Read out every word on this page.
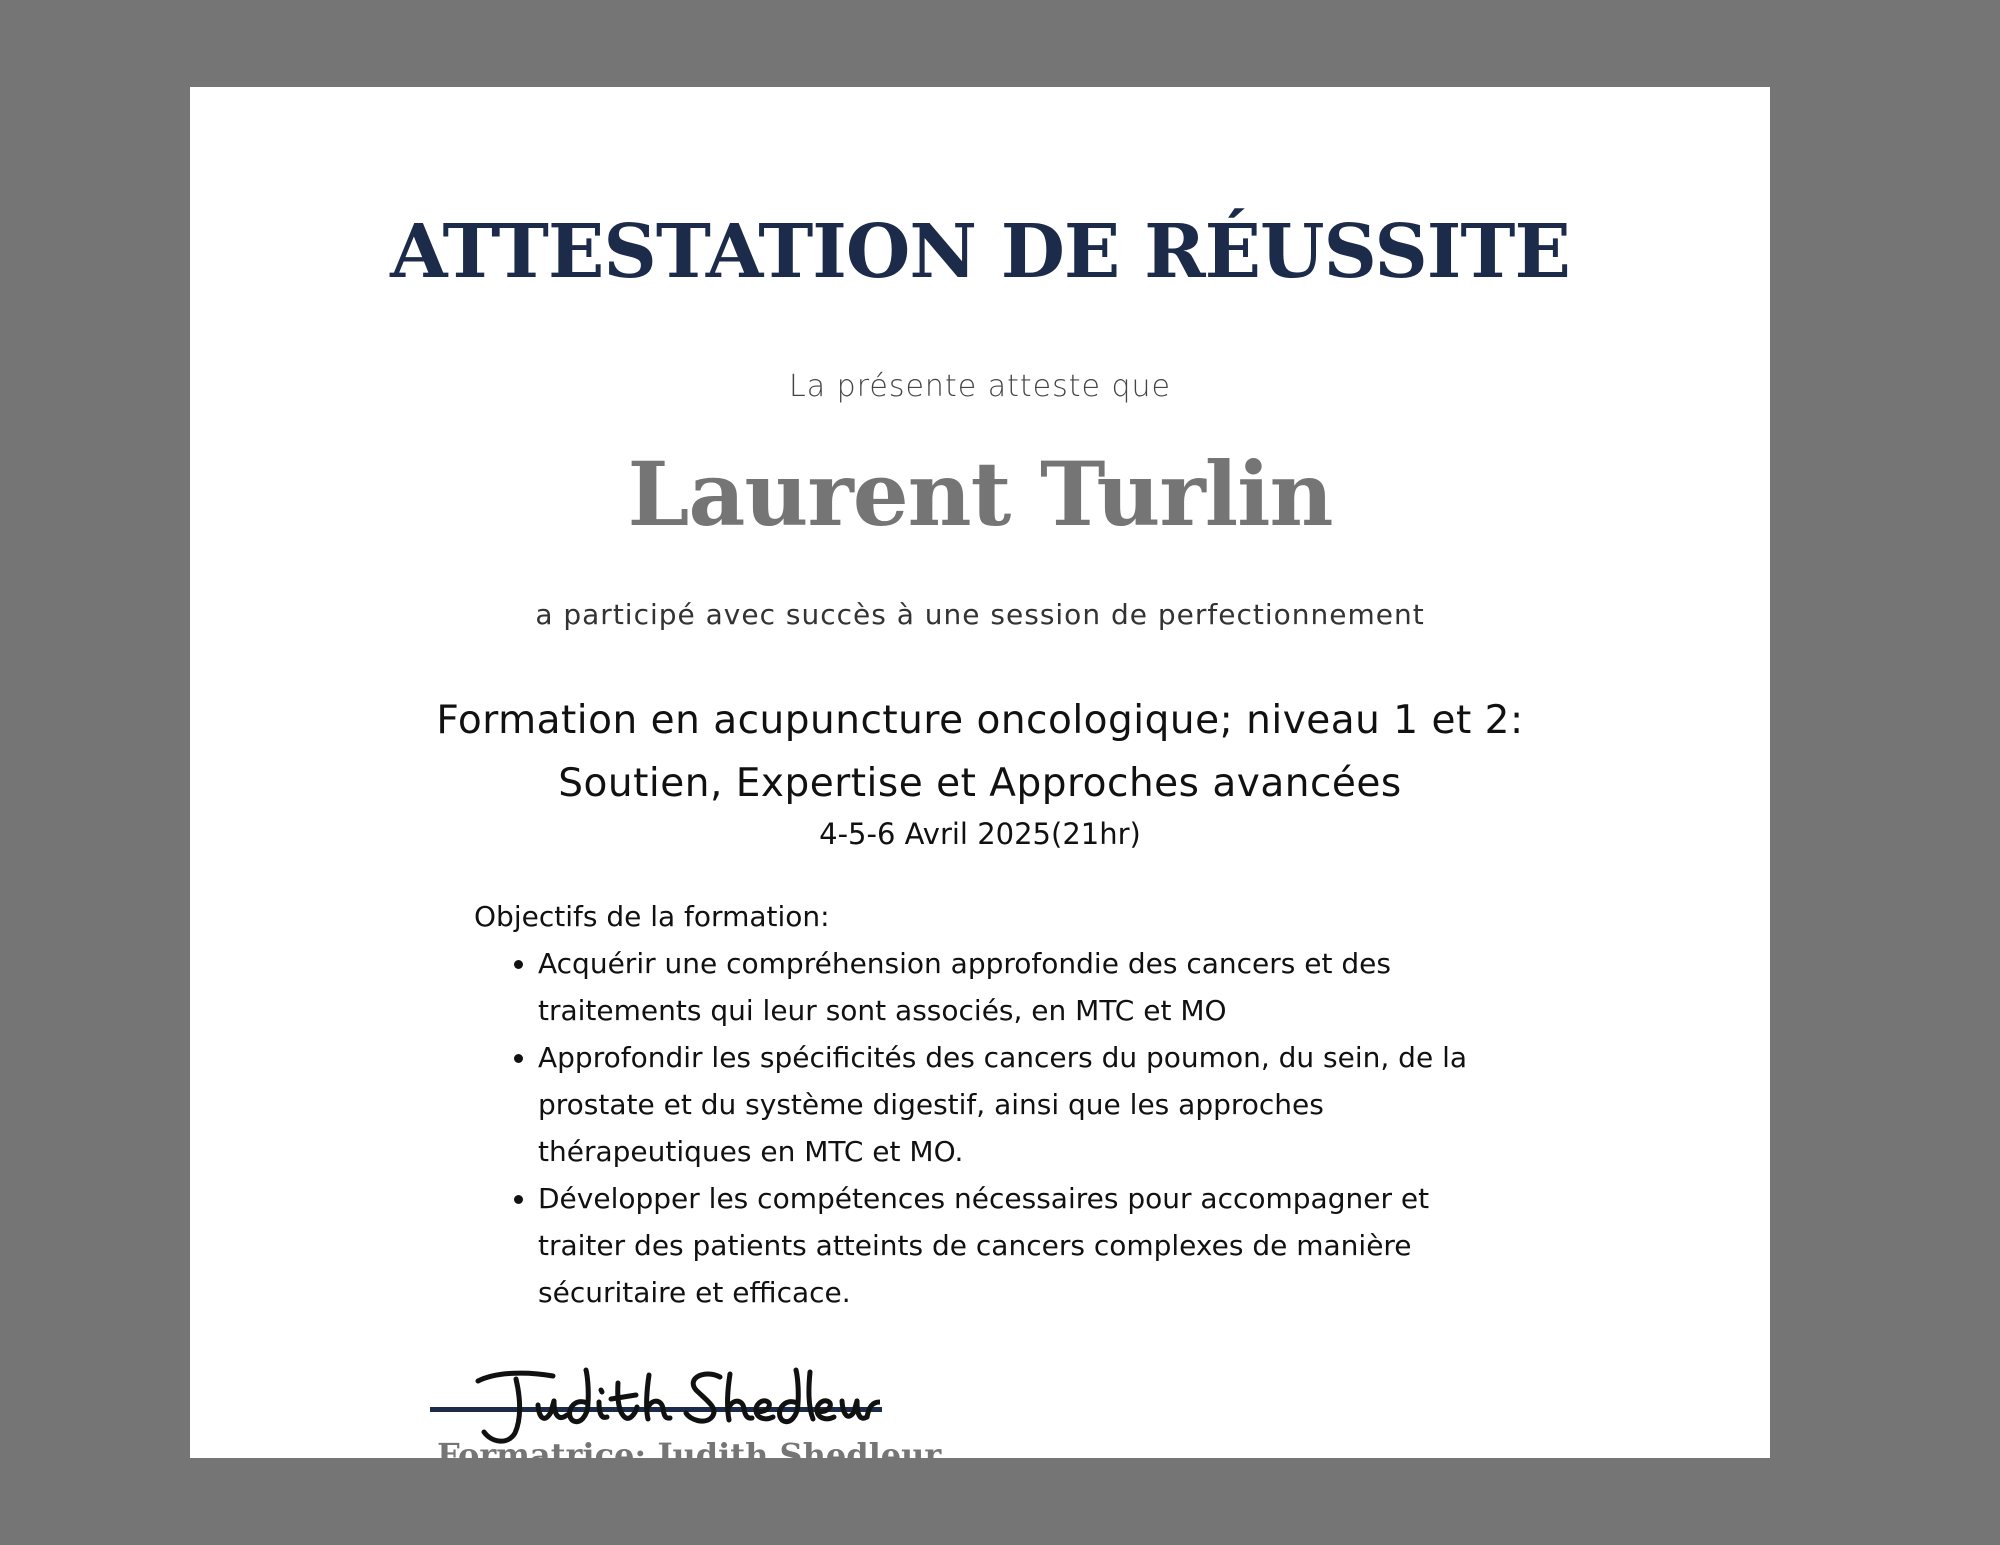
ATTESTATION DE RÉUSSITE
La présente atteste que
Laurent Turlin
a participé avec succès à une session de perfectionnement
Formation en acupuncture oncologique; niveau 1 et 2:
Soutien, Expertise et Approches avancées
4-5-6 Avril 2025(21hr)

Objectifs de la formation:

• Acquérir une compréhension approfondie des cancers et des traitements qui leur sont associés, en MTC et MO
• Approfondir les spécificités des cancers du poumon, du sein, de la prostate et du système digestif, ainsi que les approches thérapeutiques en MTC et MO.
• Développer les compétences nécessaires pour accompagner et traiter des patients atteints de cancers complexes de manière sécuritaire et efficace.
Formatrice: Judith Shedleur
